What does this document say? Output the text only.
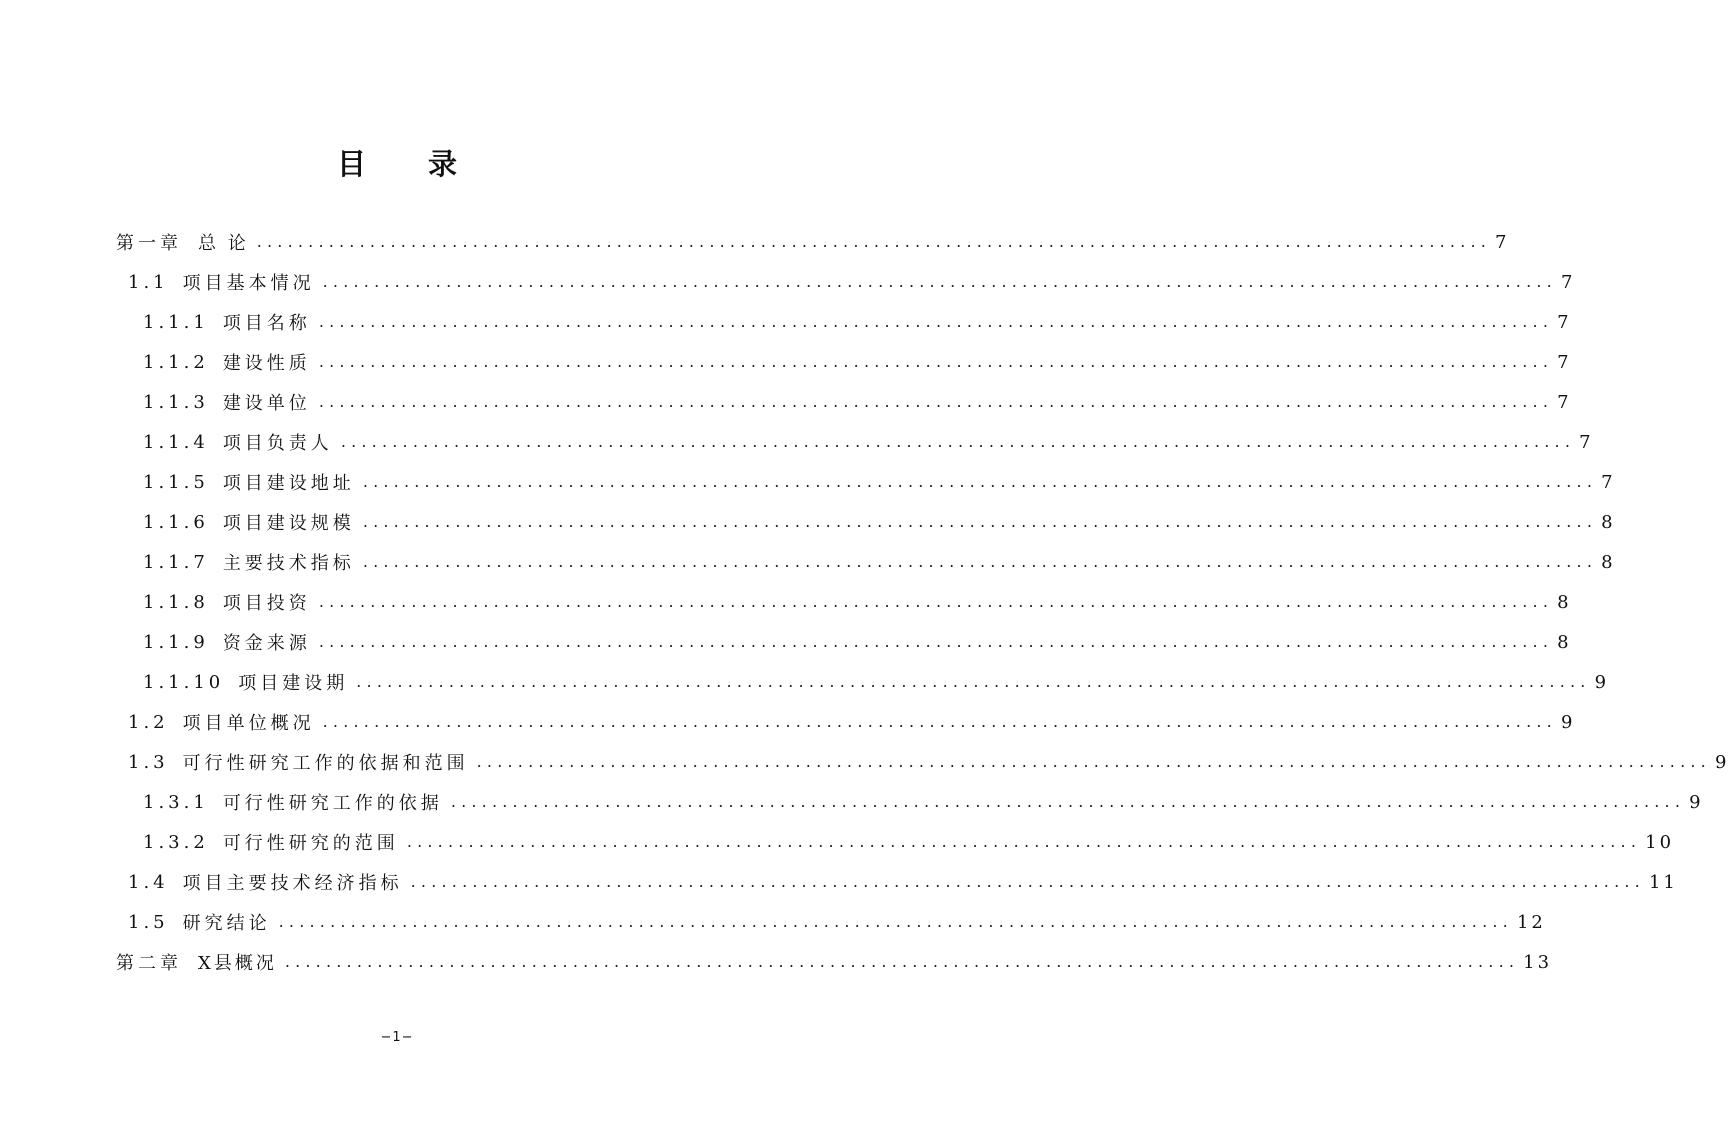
目 录
第一章 总 论 ........................................................................................................................ 7
1.1 项目基本情况 ........................................................................................................................ 7
1.1.1 项目名称 ........................................................................................................................ 7
1.1.2 建设性质 ........................................................................................................................ 7
1.1.3 建设单位 ........................................................................................................................ 7
1.1.4 项目负责人 ........................................................................................................................ 7
1.1.5 项目建设地址 ........................................................................................................................ 7
1.1.6 项目建设规模 ........................................................................................................................ 8
1.1.7 主要技术指标 ........................................................................................................................ 8
1.1.8 项目投资 ........................................................................................................................ 8
1.1.9 资金来源 ........................................................................................................................ 8
1.1.10 项目建设期 ........................................................................................................................ 9
1.2 项目单位概况 ........................................................................................................................ 9
1.3 可行性研究工作的依据和范围 ........................................................................................................................ 9
1.3.1 可行性研究工作的依据 ........................................................................................................................ 9
1.3.2 可行性研究的范围 ........................................................................................................................ 10
1.4 项目主要技术经济指标 ........................................................................................................................ 11
1.5 研究结论 ........................................................................................................................ 12
第二章 X县概况 ........................................................................................................................ 13
−1−
